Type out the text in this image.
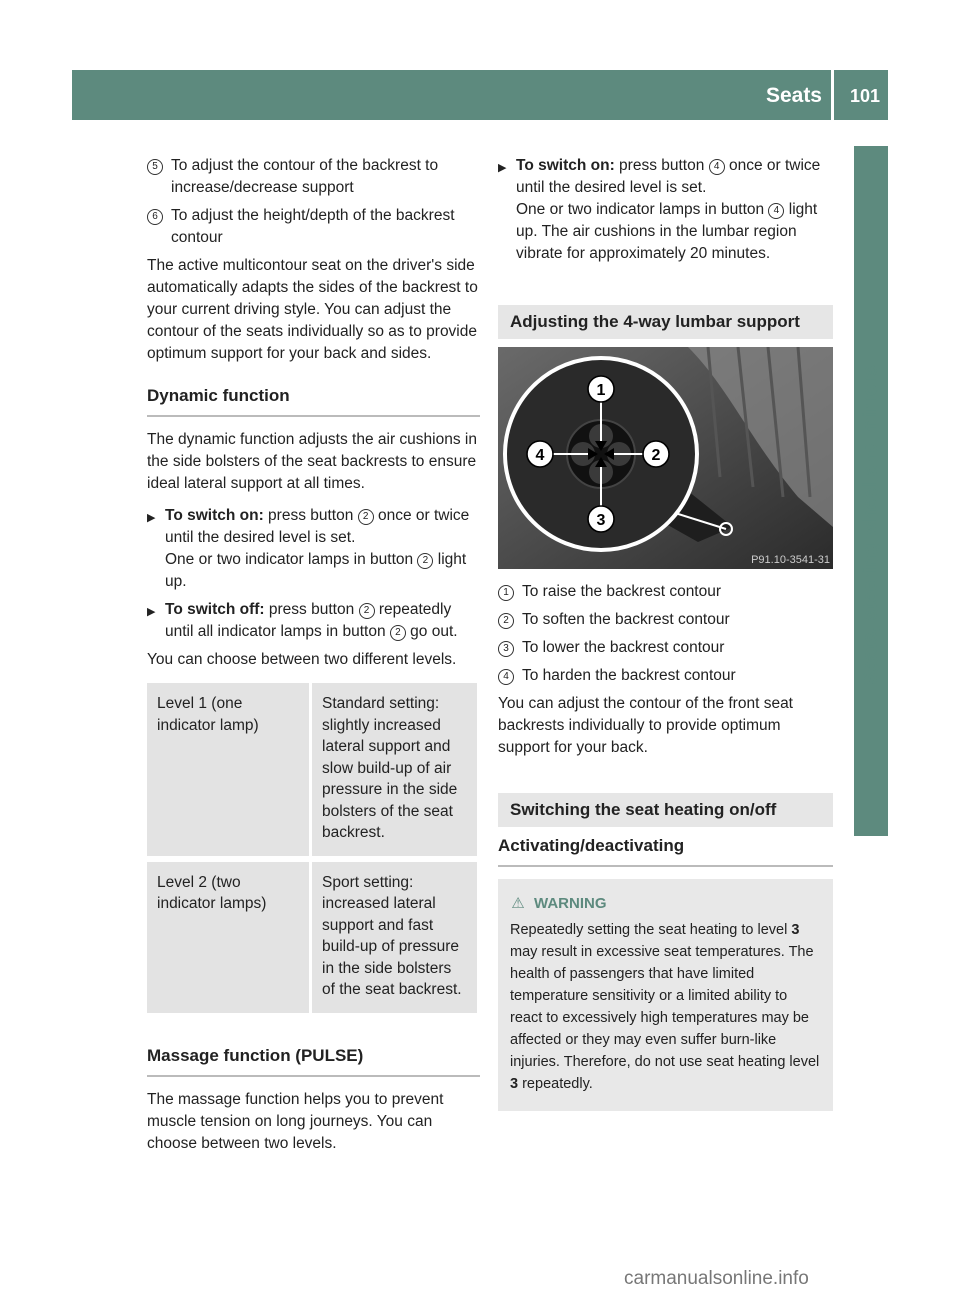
Seats 101
Seats, steering wheel and mirrors
5 To adjust the contour of the backrest to increase/decrease support
6 To adjust the height/depth of the backrest contour

The active multicontour seat on the driver's side automatically adapts the sides of the backrest to your current driving style. You can adjust the contour of the seats individually so as to provide optimum support for your back and sides.

Dynamic function

The dynamic function adjusts the air cushions in the side bolsters of the seat backrests to ensure ideal lateral support at all times.

▶ To switch on: press button 2 once or twice until the desired level is set.
One or two indicator lamps in button 2 light up.
▶ To switch off: press button 2 repeatedly until all indicator lamps in button 2 go out.

You can choose between two different levels.

Level 1 (one indicator lamp)	Standard setting: slightly increased lateral support and slow build-up of air pressure in the side bolsters of the seat backrest.

Level 2 (two indicator lamps)	Sport setting: increased lateral support and fast build-up of pressure in the side bolsters of the seat backrest.
Massage function (PULSE)

The massage function helps you to prevent muscle tension on long journeys. You can choose between two levels.

▶ To switch on: press button 4 once or twice until the desired level is set.
One or two indicator lamps in button 4 light up. The air cushions in the lumbar region vibrate for approximately 20 minutes.
Adjusting the 4-way lumbar support
1
2
3
4
P91.10-3541-31
1 To raise the backrest contour
2 To soften the backrest contour
3 To lower the backrest contour
4 To harden the backrest contour

You can adjust the contour of the front seat backrests individually to provide optimum support for your back.

Switching the seat heating on/off
Activating/deactivating
⚠ WARNING
Repeatedly setting the seat heating to level 3 may result in excessive seat temperatures. The health of passengers that have limited temperature sensitivity or a limited ability to react to excessively high temperatures may be affected or they may even suffer burn-like injuries. Therefore, do not use seat heating level 3 repeatedly.
carmanualsonline.info
